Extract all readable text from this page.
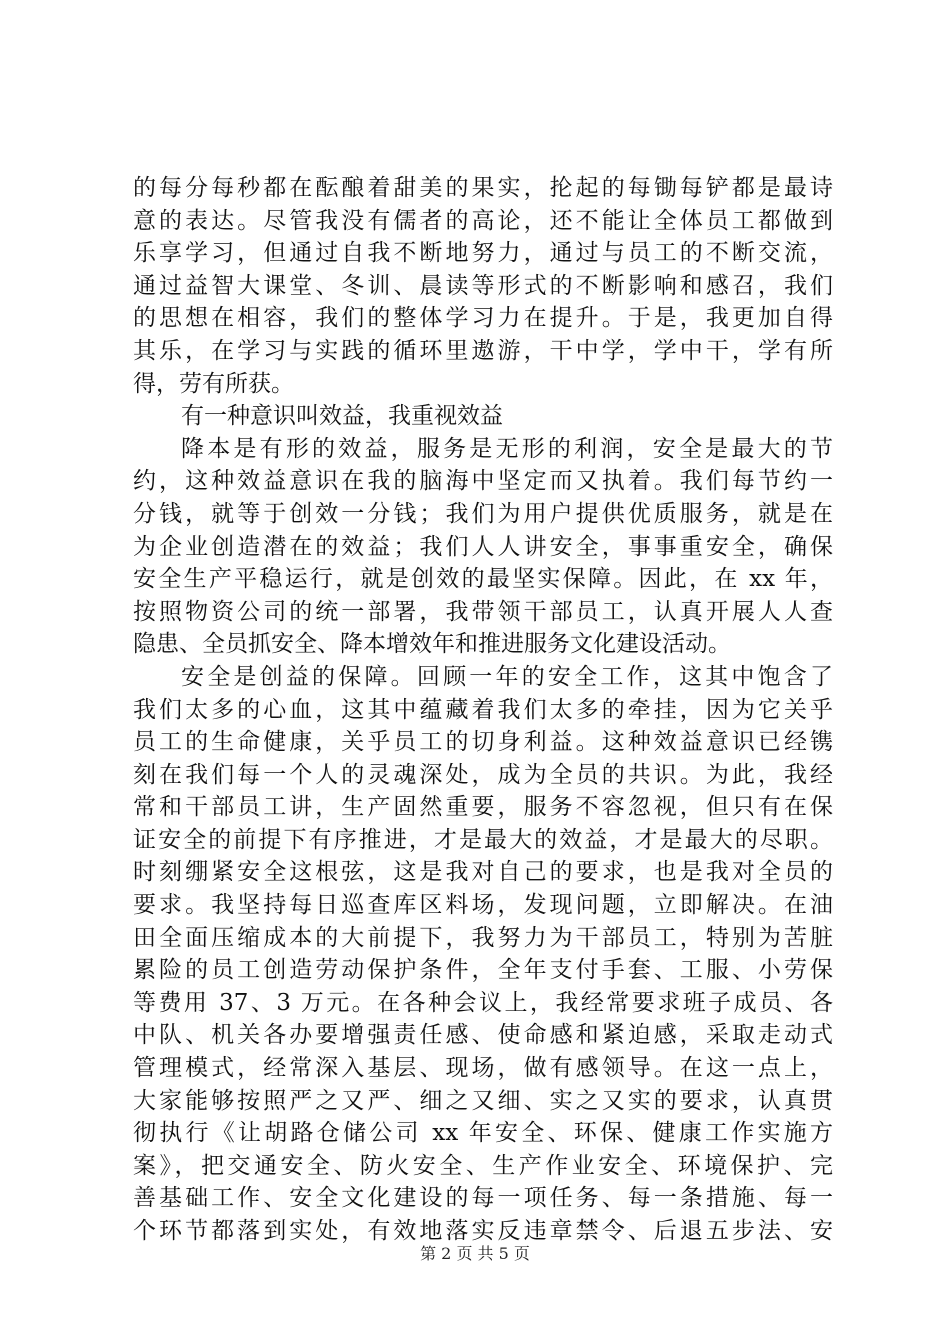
的每分每秒都在酝酿着甜美的果实，抡起的每锄每铲都是最诗
意的表达。尽管我没有儒者的高论，还不能让全体员工都做到
乐享学习，但通过自我不断地努力，通过与员工的不断交流，
通过益智大课堂、冬训、晨读等形式的不断影响和感召，我们
的思想在相容，我们的整体学习力在提升。于是，我更加自得
其乐，在学习与实践的循环里遨游，干中学，学中干，学有所
得，劳有所获。
有一种意识叫效益，我重视效益
降本是有形的效益，服务是无形的利润，安全是最大的节
约，这种效益意识在我的脑海中坚定而又执着。我们每节约一
分钱，就等于创效一分钱；我们为用户提供优质服务，就是在
为企业创造潜在的效益；我们人人讲安全，事事重安全，确保
安全生产平稳运行，就是创效的最坚实保障。因此，在 xx 年，
按照物资公司的统一部署，我带领干部员工，认真开展人人查
隐患、全员抓安全、降本增效年和推进服务文化建设活动。
安全是创益的保障。回顾一年的安全工作，这其中饱含了
我们太多的心血，这其中蕴藏着我们太多的牵挂，因为它关乎
员工的生命健康，关乎员工的切身利益。这种效益意识已经镌
刻在我们每一个人的灵魂深处，成为全员的共识。为此，我经
常和干部员工讲，生产固然重要，服务不容忽视，但只有在保
证安全的前提下有序推进，才是最大的效益，才是最大的尽职。
时刻绷紧安全这根弦，这是我对自己的要求，也是我对全员的
要求。我坚持每日巡查库区料场，发现问题，立即解决。在油
田全面压缩成本的大前提下，我努力为干部员工，特别为苦脏
累险的员工创造劳动保护条件，全年支付手套、工服、小劳保
等费用 37、3 万元。在各种会议上，我经常要求班子成员、各
中队、机关各办要增强责任感、使命感和紧迫感，采取走动式
管理模式，经常深入基层、现场，做有感领导。在这一点上，
大家能够按照严之又严、细之又细、实之又实的要求，认真贯
彻执行《让胡路仓储公司 xx 年安全、环保、健康工作实施方
案》，把交通安全、防火安全、生产作业安全、环境保护、完
善基础工作、安全文化建设的每一项任务、每一条措施、每一
个环节都落到实处，有效地落实反违章禁令、后退五步法、安
第 2 页 共 5 页
